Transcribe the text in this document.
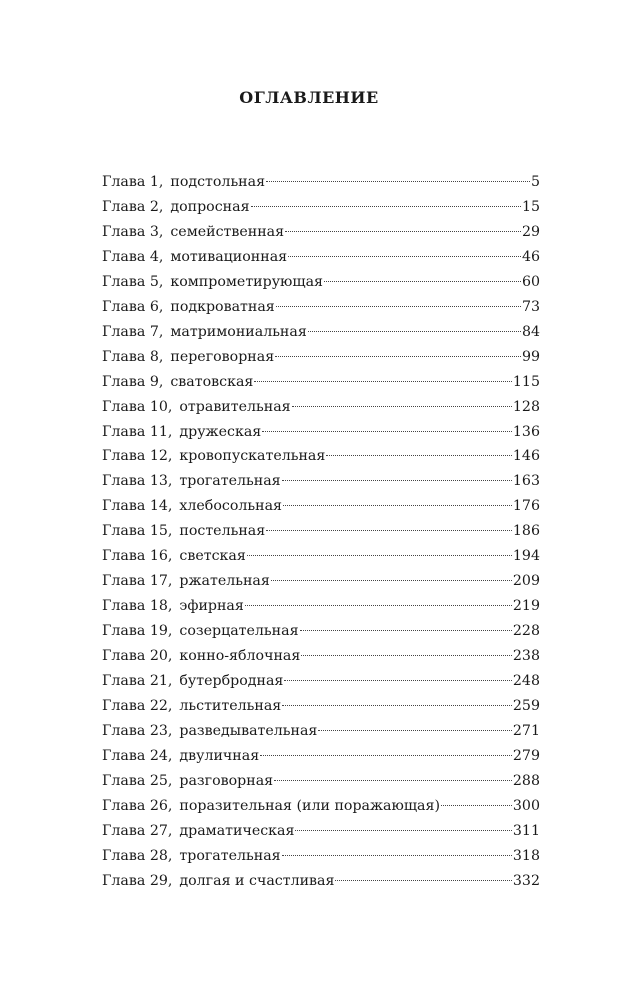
ОГЛАВЛЕНИЕ
Глава 1, подстольная	5
Глава 2, допросная	15
Глава 3, семейственная	29
Глава 4, мотивационная	46
Глава 5, компрометирующая	60
Глава 6, подкроватная	73
Глава 7, матримониальная	84
Глава 8, переговорная	99
Глава 9, сватовская	115
Глава 10, отравительная	128
Глава 11, дружеская	136
Глава 12, кровопускательная	146
Глава 13, трогательная	163
Глава 14, хлебосольная	176
Глава 15, постельная	186
Глава 16, светская	194
Глава 17, ржательная	209
Глава 18, эфирная	219
Глава 19, созерцательная	228
Глава 20, конно-яблочная	238
Глава 21, бутербродная	248
Глава 22, льстительная	259
Глава 23, разведывательная	271
Глава 24, двуличная	279
Глава 25, разговорная	288
Глава 26, поразительная (или поражающая)	300
Глава 27, драматическая	311
Глава 28, трогательная	318
Глава 29, долгая и счастливая	332
